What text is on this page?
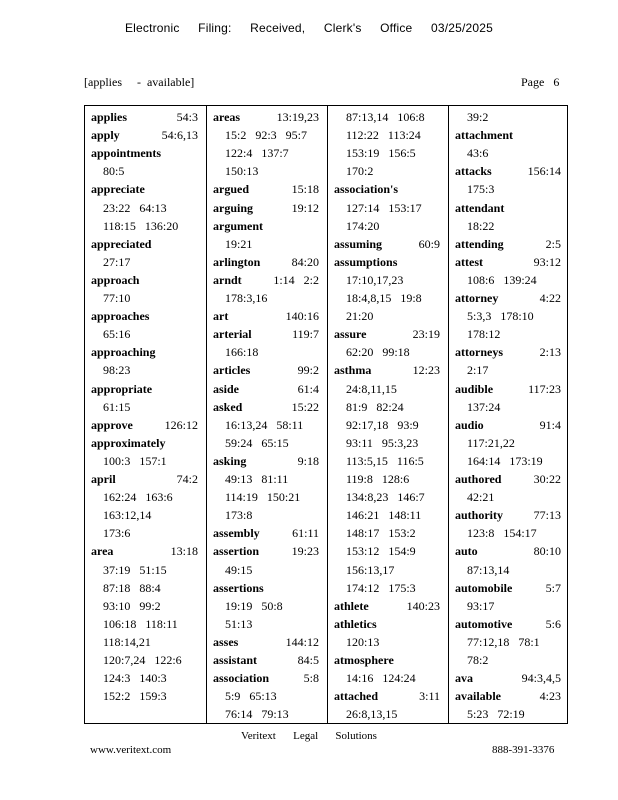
Electronic Filing: Received, Clerk's Office 03/25/2025
[applies     -  available]	Page   6
applies	54:3
apply	54:6,13
appointments
80:5
appreciate
23:22   64:13
118:15   136:20
appreciated
27:17
approach
77:10
approaches
65:16
approaching
98:23
appropriate
61:15
approve	126:12
approximately
100:3   157:1
april	74:2
162:24   163:6
163:12,14
173:6
area	13:18
37:19   51:15
87:18   88:4
93:10   99:2
106:18   118:11
118:14,21
120:7,24   122:6
124:3   140:3
152:2   159:3
areas	13:19,23
15:2   92:3   95:7
122:4   137:7
150:13
argued	15:18
arguing	19:12
argument
19:21
arlington	84:20
arndt	1:14   2:2
178:3,16
art	140:16
arterial	119:7
166:18
articles	99:2
aside	61:4
asked	15:22
16:13,24   58:11
59:24   65:15
asking	9:18
49:13   81:11
114:19   150:21
173:8
assembly	61:11
assertion	19:23
49:15
assertions
19:19   50:8
51:13
asses	144:12
assistant	84:5
association	5:8
5:9   65:13
76:14   79:13
87:13,14   106:8
112:22   113:24
153:19   156:5
170:2
association's
127:14   153:17
174:20
assuming	60:9
assumptions
17:10,17,23
18:4,8,15   19:8
21:20
assure	23:19
62:20   99:18
asthma	12:23
24:8,11,15
81:9   82:24
92:17,18   93:9
93:11   95:3,23
113:5,15   116:5
119:8   128:6
134:8,23   146:7
146:21   148:11
148:17   153:2
153:12   154:9
156:13,17
174:12   175:3
athlete	140:23
athletics
120:13
atmosphere
14:16   124:24
attached	3:11
26:8,13,15
39:2
attachment
43:6
attacks	156:14
175:3
attendant
18:22
attending	2:5
attest	93:12
108:6   139:24
attorney	4:22
5:3,3   178:10
178:12
attorneys	2:13
2:17
audible	117:23
137:24
audio	91:4
117:21,22
164:14   173:19
authored	30:22
42:21
authority	77:13
123:8   154:17
auto	80:10
87:13,14
automobile	5:7
93:17
automotive	5:6
77:12,18   78:1
78:2
ava	94:3,4,5
available	4:23
5:23   72:19
Veritext   Legal   Solutions
www.veritext.com	888-391-3376
